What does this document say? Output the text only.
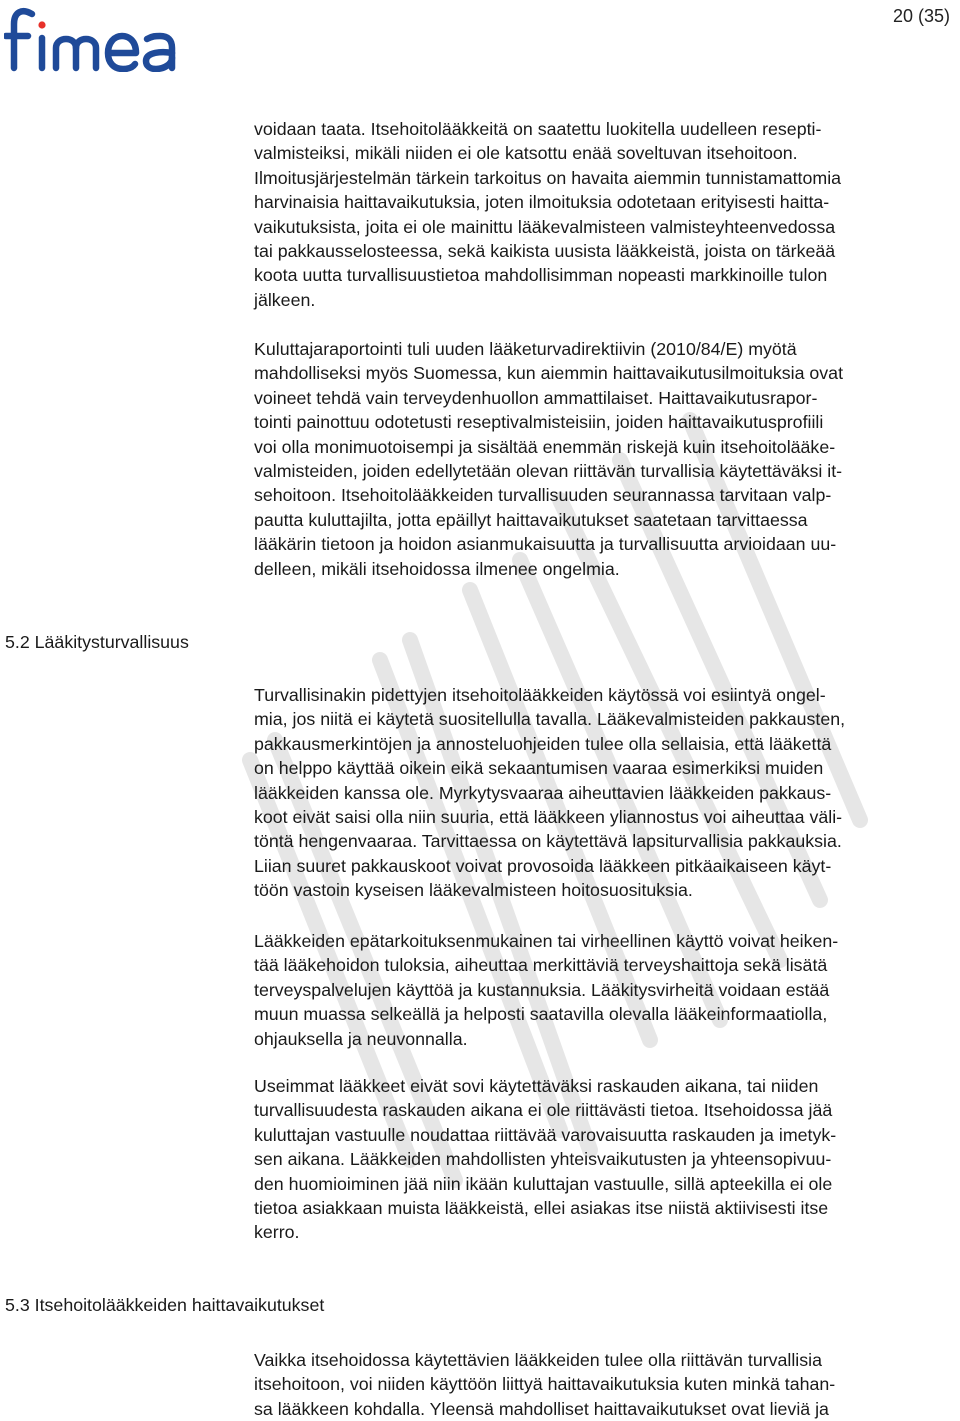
20 (35)

voidaan taata. Itsehoitolääkkeitä on saatettu luokitella uudelleen resepti-
valmisteiksi, mikäli niiden ei ole katsottu enää soveltuvan itsehoitoon.
Ilmoitusjärjestelmän tärkein tarkoitus on havaita aiemmin tunnistamattomia
harvinaisia haittavaikutuksia, joten ilmoituksia odotetaan erityisesti haitta-
vaikutuksista, joita ei ole mainittu lääkevalmisteen valmisteyhteenvedossa
tai pakkausselosteessa, sekä kaikista uusista lääkkeistä, joista on tärkeää
koota uutta turvallisuustietoa mahdollisimman nopeasti markkinoille tulon
jälkeen.

Kuluttajaraportointi tuli uuden lääketurvadirektiivin (2010/84/E) myötä
mahdolliseksi myös Suomessa, kun aiemmin haittavaikutusilmoituksia ovat
voineet tehdä vain terveydenhuollon ammattilaiset. Haittavaikutusrapor-
tointi painottuu odotetusti reseptivalmisteisiin, joiden haittavaikutusprofiili
voi olla monimuotoisempi ja sisältää enemmän riskejä kuin itsehoitolääke-
valmisteiden, joiden edellytetään olevan riittävän turvallisia käytettäväksi it-
sehoitoon. Itsehoitolääkkeiden turvallisuuden seurannassa tarvitaan valp-
pautta kuluttajilta, jotta epäillyt haittavaikutukset saatetaan tarvittaessa
lääkärin tietoon ja hoidon asianmukaisuutta ja turvallisuutta arvioidaan uu-
delleen, mikäli itsehoidossa ilmenee ongelmia.

5.2 Lääkitysturvallisuus

Turvallisinakin pidettyjen itsehoitolääkkeiden käytössä voi esiintyä ongel-
mia, jos niitä ei käytetä suositellulla tavalla. Lääkevalmisteiden pakkausten,
pakkausmerkintöjen ja annosteluohjeiden tulee olla sellaisia, että lääkettä
on helppo käyttää oikein eikä sekaantumisen vaaraa esimerkiksi muiden
lääkkeiden kanssa ole. Myrkytysvaaraa aiheuttavien lääkkeiden pakkaus-
koot eivät saisi olla niin suuria, että lääkkeen yliannostus voi aiheuttaa väli-
töntä hengenvaaraa. Tarvittaessa on käytettävä lapsiturvallisia pakkauksia.
Liian suuret pakkauskoot voivat provosoida lääkkeen pitkäaikaiseen käyt-
töön vastoin kyseisen lääkevalmisteen hoitosuosituksia.

Lääkkeiden epätarkoituksenmukainen tai virheellinen käyttö voivat heiken-
tää lääkehoidon tuloksia, aiheuttaa merkittäviä terveyshaittoja sekä lisätä
terveyspalvelujen käyttöä ja kustannuksia. Lääkitysvirheitä voidaan estää
muun muassa selkeällä ja helposti saatavilla olevalla lääkeinformaatiolla,
ohjauksella ja neuvonnalla.

Useimmat lääkkeet eivät sovi käytettäväksi raskauden aikana, tai niiden
turvallisuudesta raskauden aikana ei ole riittävästi tietoa. Itsehoidossa jää
kuluttajan vastuulle noudattaa riittävää varovaisuutta raskauden ja imetyk-
sen aikana. Lääkkeiden mahdollisten yhteisvaikutusten ja yhteensopivuu-
den huomioiminen jää niin ikään kuluttajan vastuulle, sillä apteekilla ei ole
tietoa asiakkaan muista lääkkeistä, ellei asiakas itse niistä aktiivisesti itse
kerro.

5.3 Itsehoitolääkkeiden haittavaikutukset

Vaikka itsehoidossa käytettävien lääkkeiden tulee olla riittävän turvallisia
itsehoitoon, voi niiden käyttöön liittyä haittavaikutuksia kuten minkä tahan-
sa lääkkeen kohdalla. Yleensä mahdolliset haittavaikutukset ovat lieviä ja
